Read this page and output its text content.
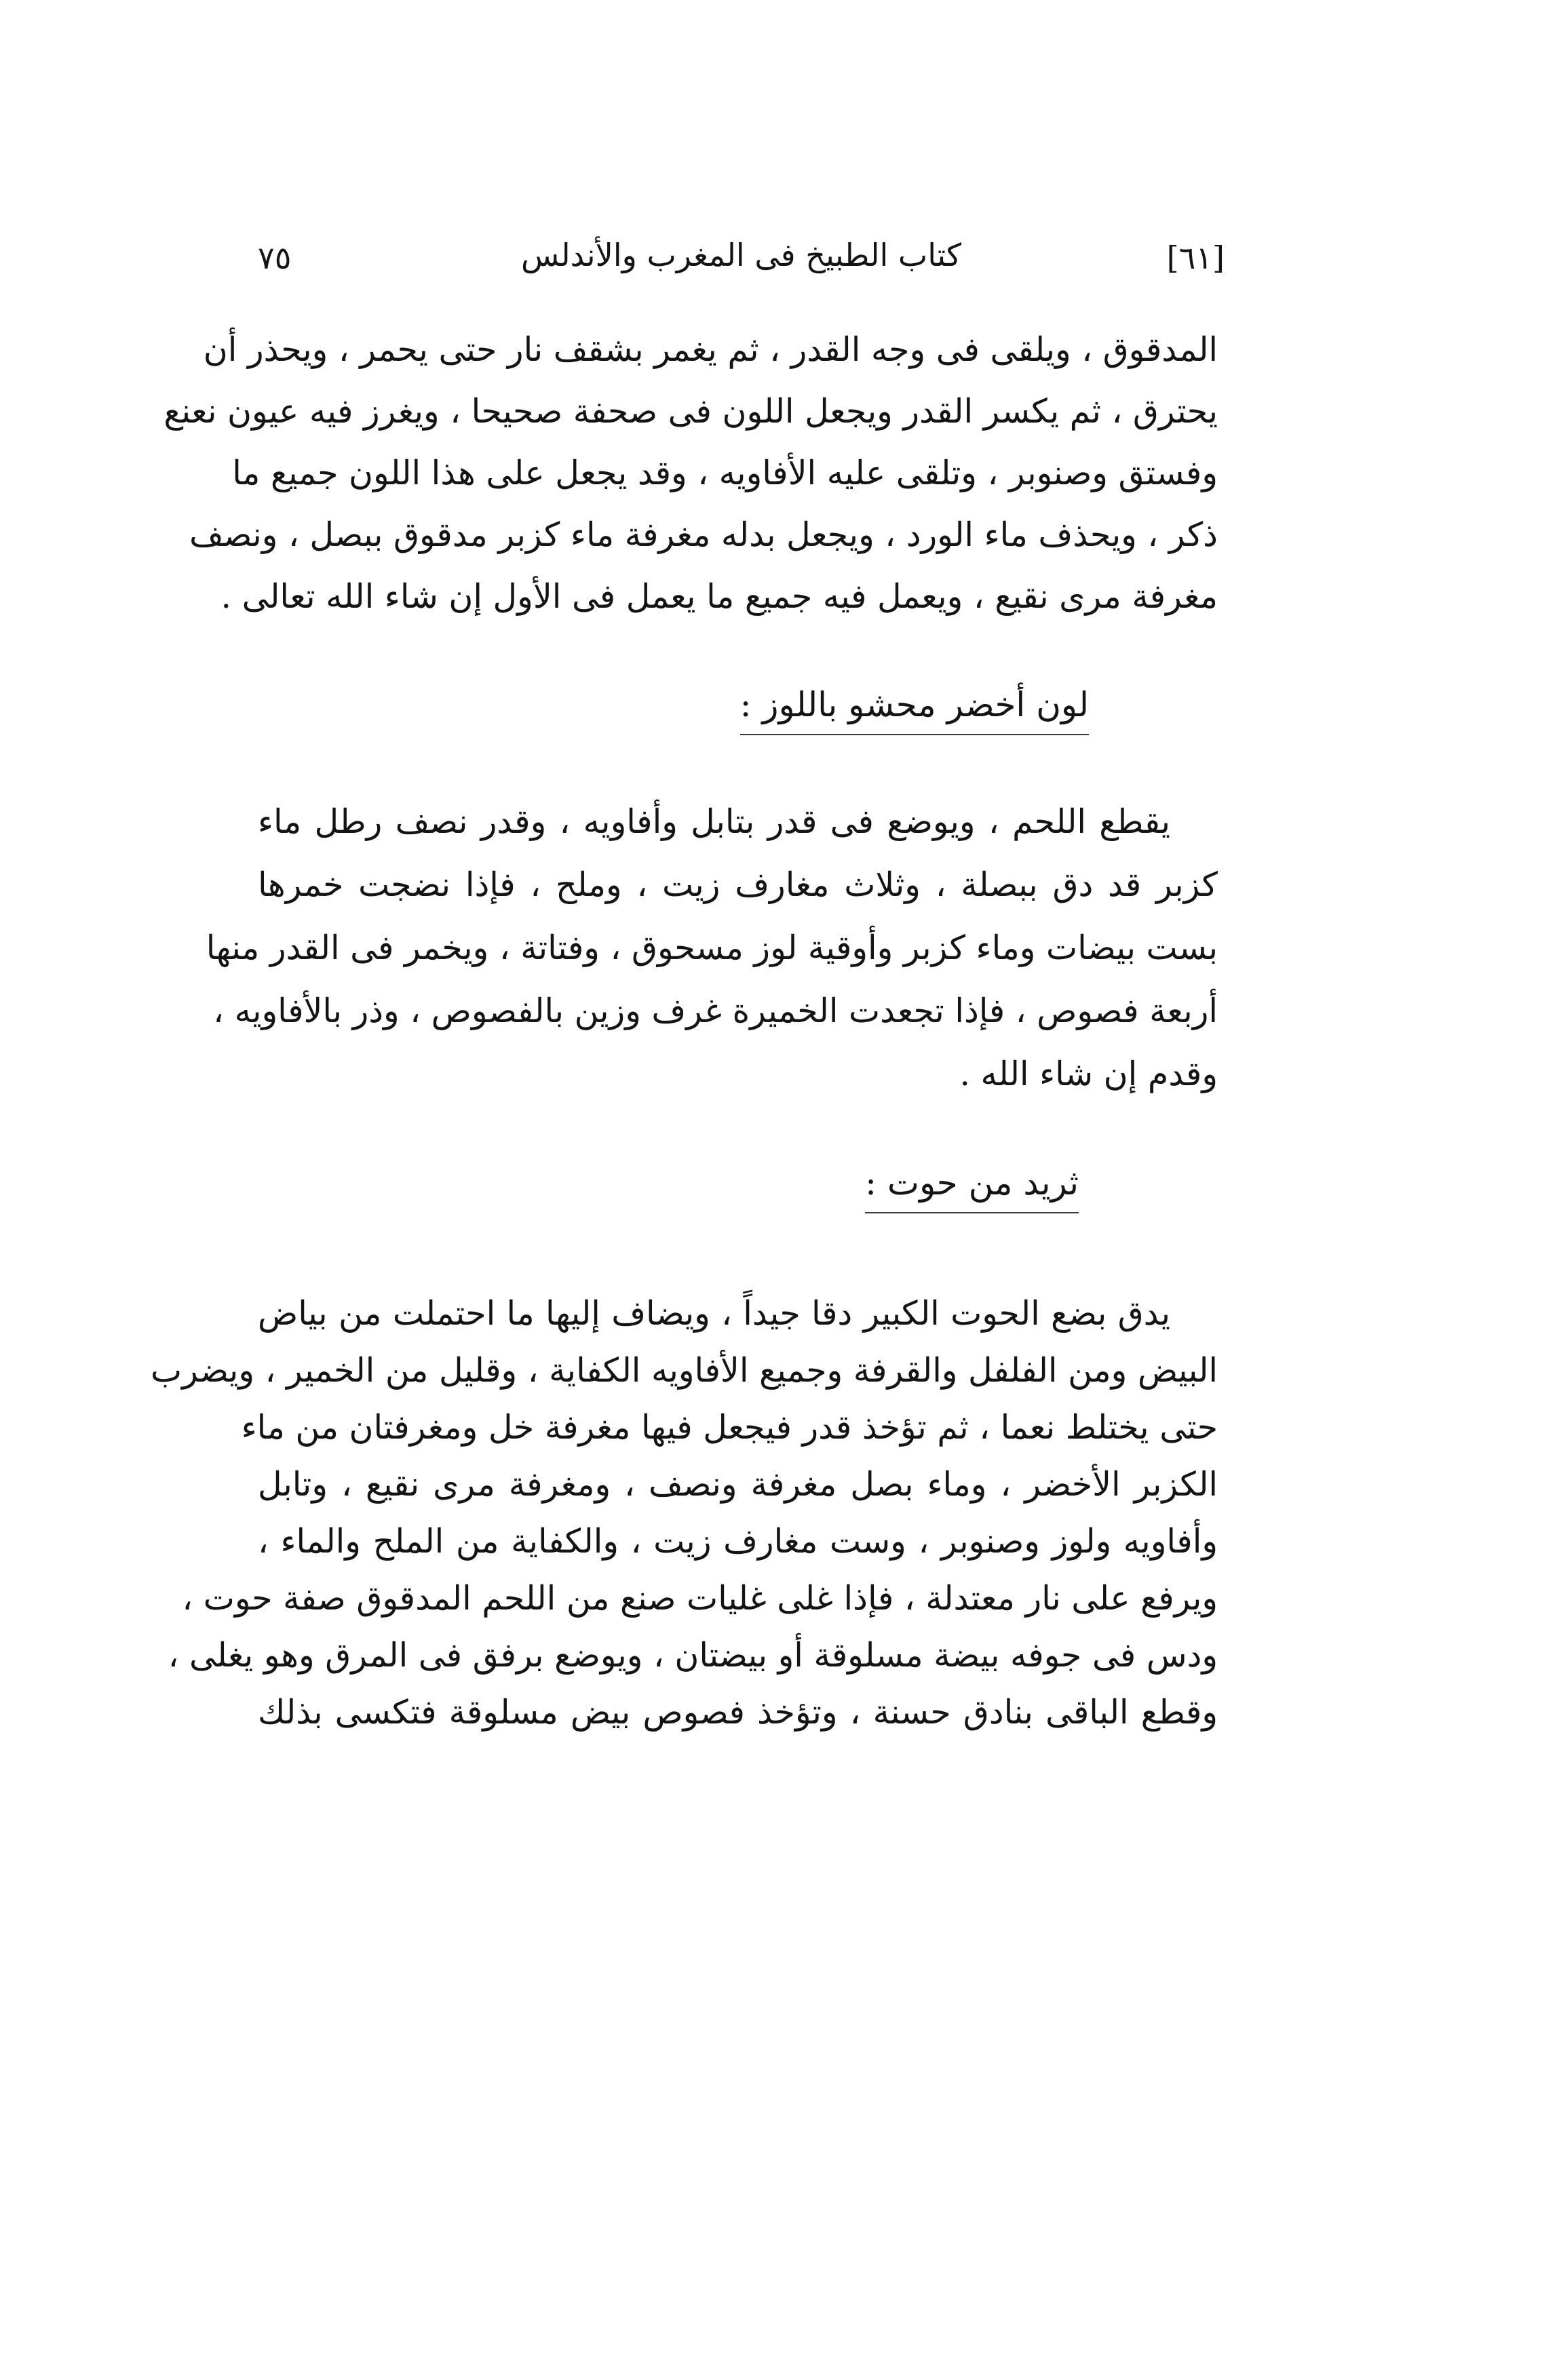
[٦١]
كتاب الطبيخ فى المغرب والأندلس
٧٥
المدقوق ، ويلقى فى وجه القدر ، ثم يغمر بشقف نار حتى يحمر ، ويحذر أن
يحترق ، ثم يكسر القدر ويجعل اللون فى صحفة صحيحا ، ويغرز فيه عيون نعنع
وفستق وصنوبر ، وتلقى عليه الأفاويه ، وقد يجعل على هذا اللون جميع ما
ذكر ، ويحذف ماء الورد ، ويجعل بدله مغرفة ماء كزبر مدقوق ببصل ، ونصف
مغرفة مرى نقيع ، ويعمل فيه جميع ما يعمل فى الأول إن شاء الله تعالى .
لون أخضر محشو باللوز :
يقطع اللحم ، ويوضع فى قدر بتابل وأفاويه ، وقدر نصف رطل ماء
كزبر قد دق ببصلة ، وثلاث مغارف زيت ، وملح ، فإذا نضجت خمرها
بست بيضات وماء كزبر وأوقية لوز مسحوق ، وفتاتة ، ويخمر فى القدر منها
أربعة فصوص ، فإذا تجعدت الخميرة غرف وزين بالفصوص ، وذر بالأفاويه ،
وقدم إن شاء الله .
ثريد من حوت :
يدق بضع الحوت الكبير دقا جيداً ، ويضاف إليها ما احتملت من بياض
البيض ومن الفلفل والقرفة وجميع الأفاويه الكفاية ، وقليل من الخمير ، ويضرب
حتى يختلط نعما ، ثم تؤخذ قدر فيجعل فيها مغرفة خل ومغرفتان من ماء
الكزبر الأخضر ، وماء بصل مغرفة ونصف ، ومغرفة مرى نقيع ، وتابل
وأفاويه ولوز وصنوبر ، وست مغارف زيت ، والكفاية من الملح والماء ،
ويرفع على نار معتدلة ، فإذا غلى غليات صنع من اللحم المدقوق صفة حوت ،
ودس فى جوفه بيضة مسلوقة أو بيضتان ، ويوضع برفق فى المرق وهو يغلى ،
وقطع الباقى بنادق حسنة ، وتؤخذ فصوص بيض مسلوقة فتكسى بذلك
